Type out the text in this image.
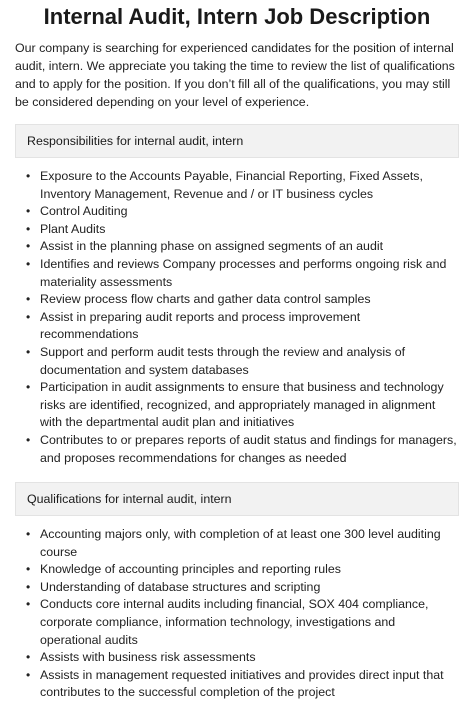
Internal Audit, Intern Job Description

Our company is searching for experienced candidates for the position of internal audit, intern. We appreciate you taking the time to review the list of qualifications and to apply for the position. If you don’t fill all of the qualifications, you may still be considered depending on your level of experience.

Responsibilities for internal audit, intern
• Exposure to the Accounts Payable, Financial Reporting, Fixed Assets, Inventory Management, Revenue and / or IT business cycles
• Control Auditing
• Plant Audits
• Assist in the planning phase on assigned segments of an audit
• Identifies and reviews Company processes and performs ongoing risk and materiality assessments
• Review process flow charts and gather data control samples
• Assist in preparing audit reports and process improvement recommendations
• Support and perform audit tests through the review and analysis of documentation and system databases
• Participation in audit assignments to ensure that business and technology risks are identified, recognized, and appropriately managed in alignment with the departmental audit plan and initiatives
• Contributes to or prepares reports of audit status and findings for managers, and proposes recommendations for changes as needed
Qualifications for internal audit, intern
• Accounting majors only, with completion of at least one 300 level auditing course
• Knowledge of accounting principles and reporting rules
• Understanding of database structures and scripting
• Conducts core internal audits including financial, SOX 404 compliance, corporate compliance, information technology, investigations and operational audits
• Assists with business risk assessments
• Assists in management requested initiatives and provides direct input that contributes to the successful completion of the project
